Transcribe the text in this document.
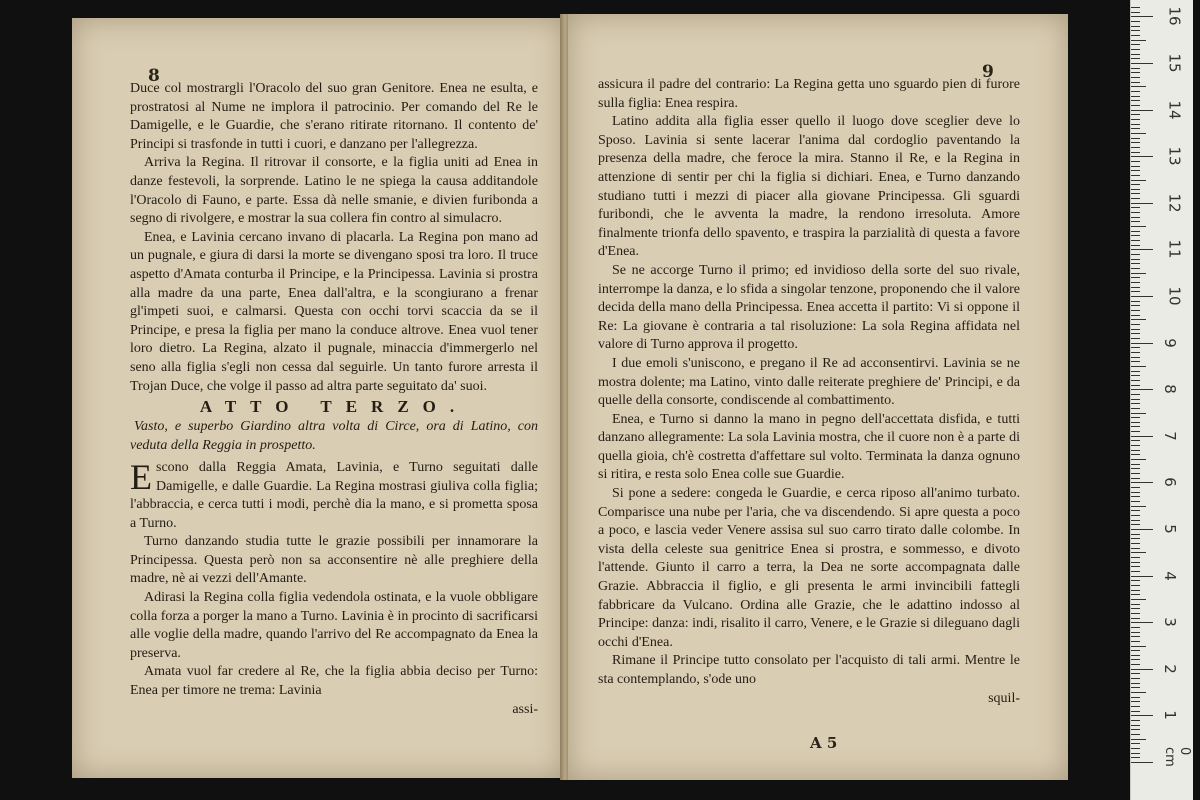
8

Duce col mostrargli l'Oracolo del suo gran Genitore. Enea ne esulta, e prostratosi al Nume ne implora il patrocinio. Per comando del Re le Damigelle, e le Guardie, che s'erano ritirate ritornano. Il contento de' Principi si trasfonde in tutti i cuori, e danzano per l'allegrezza.

Arriva la Regina. Il ritrovar il consorte, e la figlia uniti ad Enea in danze festevoli, la sorprende. Latino le ne spiega la causa additandole l'Oracolo di Fauno, e parte. Essa dà nelle smanie, e divien furibonda a segno di rivolgere, e mostrar la sua collera fin contro al simulacro.

Enea, e Lavinia cercano invano di placarla. La Regina pon mano ad un pugnale, e giura di darsi la morte se divengano sposi tra loro. Il truce aspetto d'Amata conturba il Principe, e la Principessa. Lavinia si prostra alla madre da una parte, Enea dall'altra, e la scongiurano a frenar gl'impeti suoi, e calmarsi. Questa con occhi torvi scaccia da se il Principe, e presa la figlia per mano la conduce altrove. Enea vuol tener loro dietro. La Regina, alzato il pugnale, minaccia d'immergerlo nel seno alla figlia s'egli non cessa dal seguirle. Un tanto furore arresta il Trojan Duce, che volge il passo ad altra parte seguitato da' suoi.

ATTO TERZO.
Vasto, e superbo Giardino altra volta di Circe, ora di Latino, con veduta della Reggia in prospetto.

Escono dalla Reggia Amata, Lavinia, e Turno seguitati dalle Damigelle, e dalle Guardie. La Regina mostrasi giuliva colla figlia; l'abbraccia, e cerca tutti i modi, perchè dia la mano, e si prometta sposa a Turno.

Turno danzando studia tutte le grazie possibili per innamorare la Principessa. Questa però non sa acconsentire nè alle preghiere della madre, nè ai vezzi dell'Amante.

Adirasi la Regina colla figlia vedendola ostinata, e la vuole obbligare colla forza a porger la mano a Turno. Lavinia è in procinto di sacrificarsi alle voglie della madre, quando l'arrivo del Re accompagnato da Enea la preserva.

Amata vuol far credere al Re, che la figlia abbia deciso per Turno: Enea per timore ne trema: Lavinia

assi-
9

assicura il padre del contrario: La Regina getta uno sguardo pien di furore sulla figlia: Enea respira.

Latino addita alla figlia esser quello il luogo dove sceglier deve lo Sposo. Lavinia si sente lacerar l'anima dal cordoglio paventando la presenza della madre, che feroce la mira. Stanno il Re, e la Regina in attenzione di sentir per chi la figlia si dichiari. Enea, e Turno danzando studiano tutti i mezzi di piacer alla giovane Principessa. Gli sguardi furibondi, che le avventa la madre, la rendono irresoluta. Amore finalmente trionfa dello spavento, e traspira la parzialità di questa a favore d'Enea.

Se ne accorge Turno il primo; ed invidioso della sorte del suo rivale, interrompe la danza, e lo sfida a singolar tenzone, proponendo che il valore decida della mano della Principessa. Enea accetta il partito: Vi si oppone il Re: La giovane è contraria a tal risoluzione: La sola Regina affidata nel valore di Turno approva il progetto.

I due emoli s'uniscono, e pregano il Re ad acconsentirvi. Lavinia se ne mostra dolente; ma Latino, vinto dalle reiterate preghiere de' Principi, e da quelle della consorte, condiscende al combattimento.

Enea, e Turno si danno la mano in pegno dell'accettata disfida, e tutti danzano allegramente: La sola Lavinia mostra, che il cuore non è a parte di quella gioia, ch'è costretta d'affettare sul volto. Terminata la danza ognuno si ritira, e resta solo Enea colle sue Guardie.

Si pone a sedere: congeda le Guardie, e cerca riposo all'animo turbato. Comparisce una nube per l'aria, che va discendendo. Si apre questa a poco a poco, e lascia veder Venere assisa sul suo carro tirato dalle colombe. In vista della celeste sua genitrice Enea si prostra, e sommesso, e divoto l'attende. Giunto il carro a terra, la Dea ne sorte accompagnata dalle Grazie. Abbraccia il figlio, e gli presenta le armi invincibili fattegli fabbricare da Vulcano. Ordina alle Grazie, che le adattino indosso al Principe: danza: indi, risalito il carro, Venere, e le Grazie si dileguano dagli occhi d'Enea.

Rimane il Principe tutto consolato per l'acquisto di tali armi. Mentre le sta contemplando, s'ode uno

squil-
A 5	0 cm
1
2
3
4
5
6
7
8
9
10
11
12
13
14
15
16
